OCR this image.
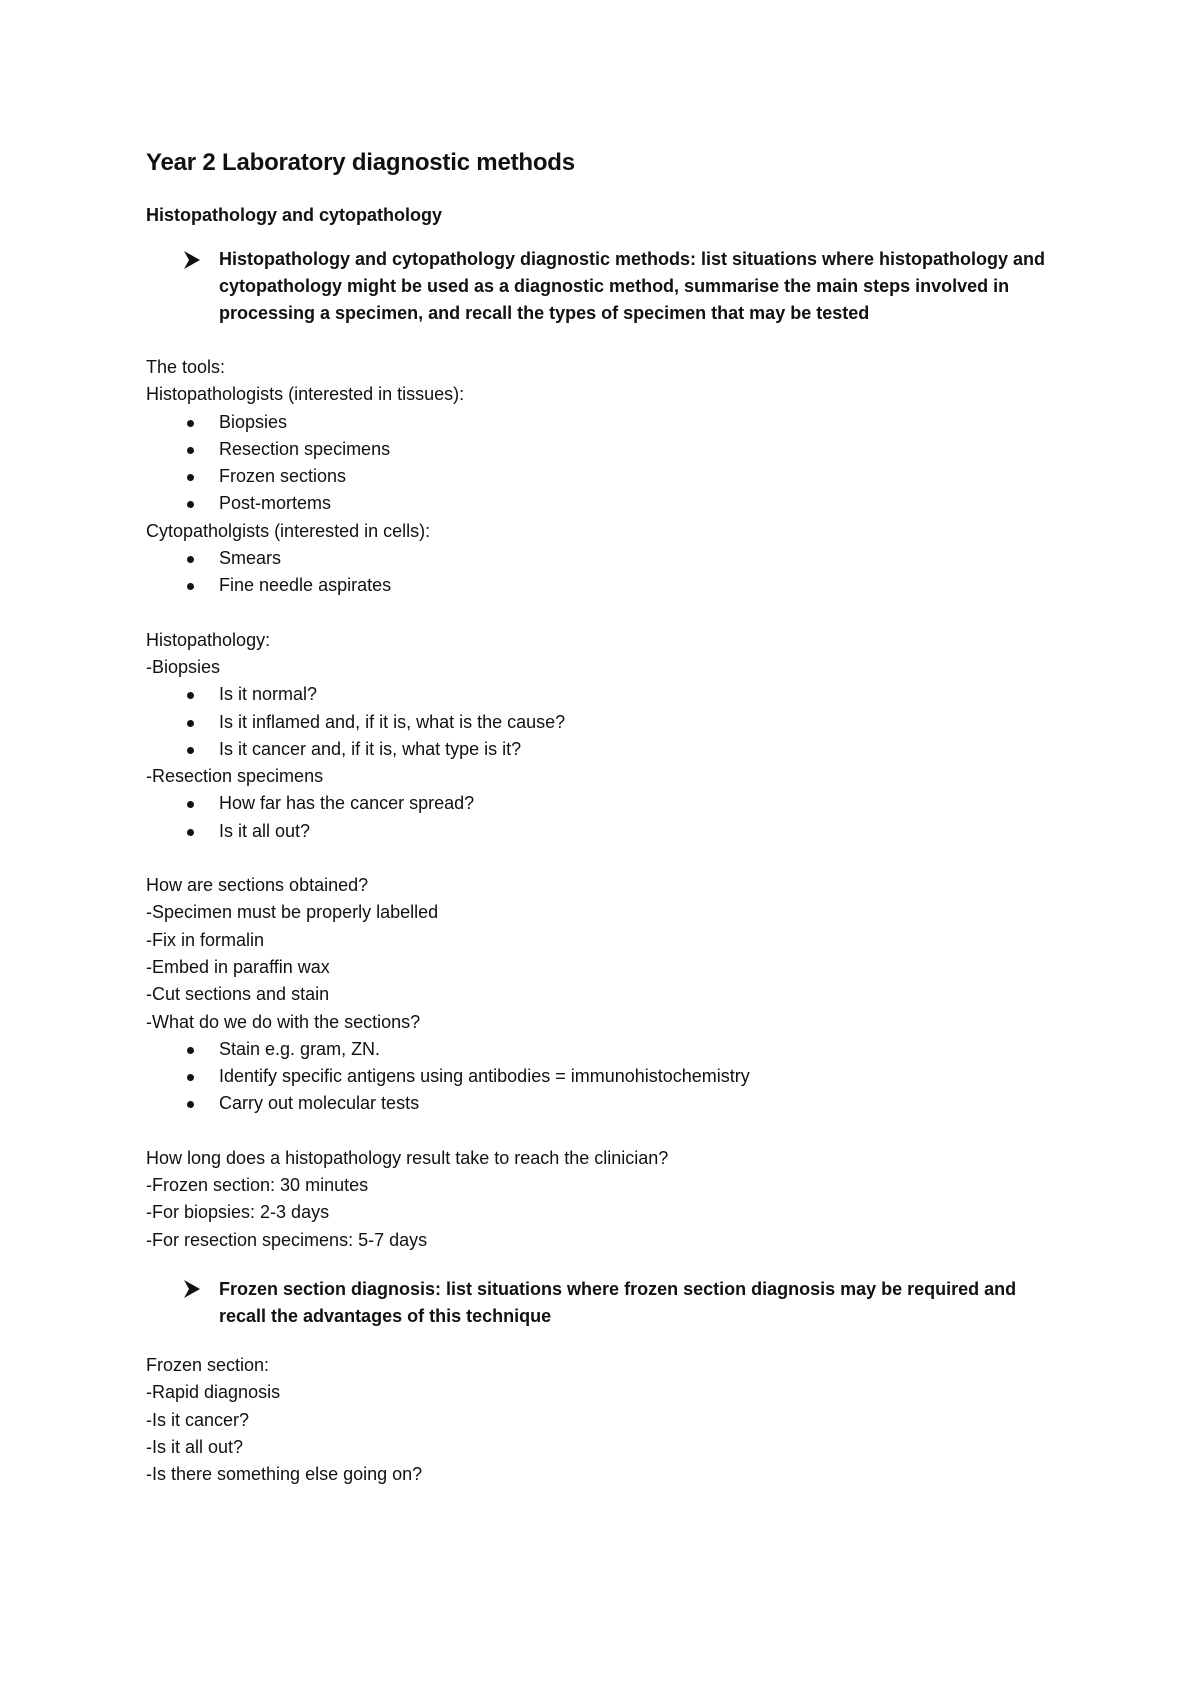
Year 2 Laboratory diagnostic methods
Histopathology and cytopathology
Histopathology and cytopathology diagnostic methods: list situations where histopathology and cytopathology might be used as a diagnostic method, summarise the main steps involved in processing a specimen, and recall the types of specimen that may be tested
The tools:
Histopathologists (interested in tissues):
Biopsies
Resection specimens
Frozen sections
Post-mortems
Cytopatholgists (interested in cells):
Smears
Fine needle aspirates
Histopathology:
-Biopsies
Is it normal?
Is it inflamed and, if it is, what is the cause?
Is it cancer and, if it is, what type is it?
-Resection specimens
How far has the cancer spread?
Is it all out?
How are sections obtained?
-Specimen must be properly labelled
-Fix in formalin
-Embed in paraffin wax
-Cut sections and stain
-What do we do with the sections?
Stain e.g. gram, ZN.
Identify specific antigens using antibodies = immunohistochemistry
Carry out molecular tests
How long does a histopathology result take to reach the clinician?
-Frozen section: 30 minutes
-For biopsies: 2-3 days
-For resection specimens: 5-7 days
Frozen section diagnosis: list situations where frozen section diagnosis may be required and recall the advantages of this technique
Frozen section:
-Rapid diagnosis
-Is it cancer?
-Is it all out?
-Is there something else going on?
